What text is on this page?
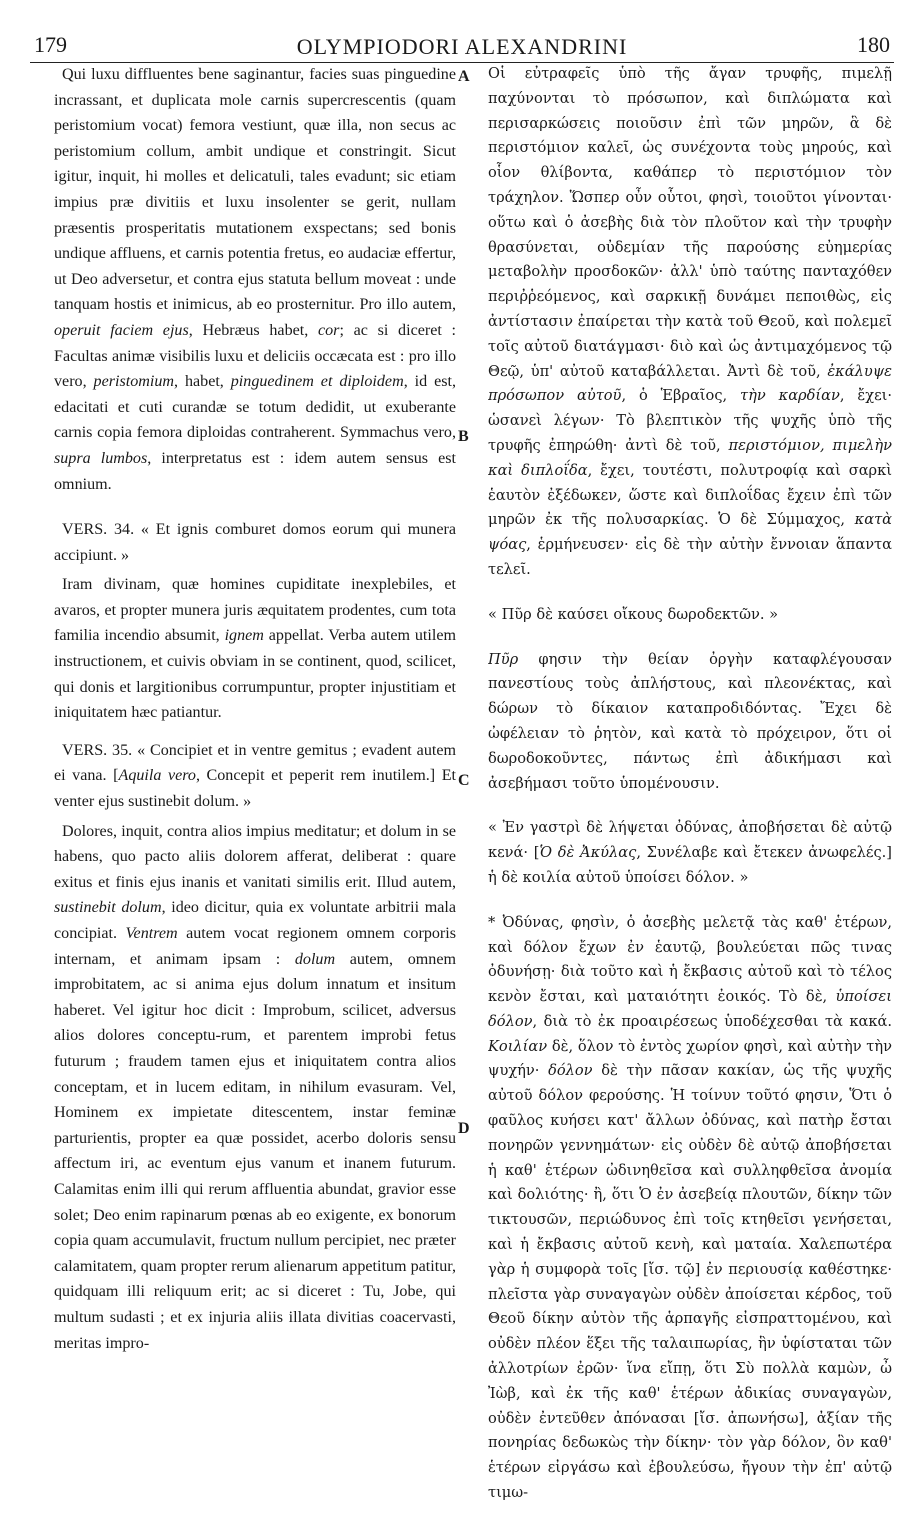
179	OLYMPIODORI ALEXANDRINI	180
A
B
C
D

Qui luxu diffluentes bene saginantur, facies suas pinguedine incrassant, et duplicata mole carnis supercrescentis (quam peristomium vocat) femora vestiunt, quæ illa, non secus ac peristomium collum, ambit undique et constringit. Sicut igitur, inquit, hi molles et delicatuli, tales evadunt; sic etiam impius præ divitiis et luxu insolenter se gerit, nullam præsentis prosperitatis mutationem exspectans; sed bonis undique affluens, et carnis potentia fretus, eo audaciæ effertur, ut Deo adversetur, et contra ejus statuta bellum moveat : unde tanquam hostis et inimicus, ab eo prosternitur. Pro illo autem, operuit faciem ejus, Hebræus habet, cor; ac si diceret : Facultas animæ visibilis luxu et deliciis occæcata est : pro illo vero, peristomium, habet, pinguedinem et diploidem, id est, edacitati et cuti curandæ se totum dedidit, ut exuberante carnis copia femora diploidas contraherent. Symmachus vero, supra lumbos, interpretatus est : idem autem sensus est omnium.

VERS. 34. « Et ignis comburet domos eorum qui munera accipiunt. »

Iram divinam, quæ homines cupiditate inexplebiles, et avaros, et propter munera juris æquitatem prodentes, cum tota familia incendio absumit, ignem appellat. Verba autem utilem instructionem, et cuivis obviam in se continent, quod, scilicet, qui donis et largitionibus corrumpuntur, propter injustitiam et iniquitatem hæc patiantur.

VERS. 35. « Concipiet et in ventre gemitus ; evadent autem ei vana. [Aquila vero, Concepit et peperit rem inutilem.] Et venter ejus sustinebit dolum. »

Dolores, inquit, contra alios impius meditatur; et dolum in se habens, quo pacto aliis dolorem afferat, deliberat : quare exitus et finis ejus inanis et vanitati similis erit. Illud autem, sustinebit dolum, ideo dicitur, quia ex voluntate arbitrii mala concipiat. Ventrem autem vocat regionem omnem corporis internam, et animam ipsam : dolum autem, omnem improbitatem, ac si anima ejus dolum innatum et insitum haberet. Vel igitur hoc dicit : Improbum, scilicet, adversus alios dolores conceptu-rum, et parentem improbi fetus futurum ; fraudem tamen ejus et iniquitatem contra alios conceptam, et in lucem editam, in nihilum evasuram. Vel, Hominem ex impietate ditescentem, instar feminæ parturientis, propter ea quæ possidet, acerbo doloris sensu affectum iri, ac eventum ejus vanum et inanem futurum. Calamitas enim illi qui rerum affluentia abundat, gravior esse solet; Deo enim rapinarum pœnas ab eo exigente, ex bonorum copia quam accumulavit, fructum nullum percipiet, nec præter calamitatem, quam propter rerum alienarum appetitum patitur, quidquam illi reliquum erit; ac si diceret : Tu, Jobe, qui multum sudasti ; et ex injuria aliis illata divitias coacervasti, meritas impro-

Οἱ εὐτραφεῖς ὑπὸ τῆς ἄγαν τρυφῆς, πιμελῇ παχύνονται τὸ πρόσωπον, καὶ διπλώματα καὶ περισαρκώσεις ποιοῦσιν ἐπὶ τῶν μηρῶν, ἃ δὲ περιστόμιον καλεῖ, ὡς συνέχοντα τοὺς μηρούς, καὶ οἷον θλίβοντα, καθάπερ τὸ περιστόμιον τὸν τράχηλον. Ὥσπερ οὖν οὗτοι, φησὶ, τοιοῦτοι γίνονται· οὕτω καὶ ὁ ἀσεβὴς διὰ τὸν πλοῦτον καὶ τὴν τρυφὴν θρασύνεται, οὐδεμίαν τῆς παρούσης εὐημερίας μεταβολὴν προσδοκῶν· ἀλλ' ὑπὸ ταύτης πανταχόθεν περιῤῥεόμενος, καὶ σαρκικῇ δυνάμει πεποιθὼς, εἰς ἀντίστασιν ἐπαίρεται τὴν κατὰ τοῦ Θεοῦ, καὶ πολεμεῖ τοῖς αὐτοῦ διατάγμασι· διὸ καὶ ὡς ἀντιμαχόμενος τῷ Θεῷ, ὑπ' αὐτοῦ καταβάλλεται. Ἀντὶ δὲ τοῦ, ἐκάλυψε πρόσωπον αὐτοῦ, ὁ Ἑβραῖος, τὴν καρδίαν, ἔχει· ὡσανεὶ λέγων· Τὸ βλεπτικὸν τῆς ψυχῆς ὑπὸ τῆς τρυφῆς ἐπηρώθη· ἀντὶ δὲ τοῦ, περιστόμιον, πιμελὴν καὶ διπλοΐδα, ἔχει, τουτέστι, πολυτροφίᾳ καὶ σαρκὶ ἑαυτὸν ἐξέδωκεν, ὥστε καὶ διπλοΐδας ἔχειν ἐπὶ τῶν μηρῶν ἐκ τῆς πολυσαρκίας. Ὁ δὲ Σύμμαχος, κατὰ ψόας, ἑρμήνευσεν· εἰς δὲ τὴν αὐτὴν ἔννοιαν ἅπαντα τελεῖ.

« Πῦρ δὲ καύσει οἴκους δωροδεκτῶν. »

Πῦρ φησιν τὴν θείαν ὀργὴν καταφλέγουσαν πανεστίους τοὺς ἀπλήστους, καὶ πλεονέκτας, καὶ δώρων τὸ δίκαιον καταπροδιδόντας. Ἔχει δὲ ὠφέλειαν τὸ ῥητὸν, καὶ κατὰ τὸ πρόχειρον, ὅτι οἱ δωροδοκοῦντες, πάντως ἐπὶ ἀδικήμασι καὶ ἀσεβήμασι τοῦτο ὑπομένουσιν.

« Ἐν γαστρὶ δὲ λήψεται ὀδύνας, ἀποβήσεται δὲ αὐτῷ κενά· [Ὁ δὲ Ἀκύλας, Συνέλαβε καὶ ἔτεκεν ἀνωφελές.] ἡ δὲ κοιλία αὐτοῦ ὑποίσει δόλον. »

* Ὀδύνας, φησὶν, ὁ ἀσεβὴς μελετᾷ τὰς καθ' ἑτέρων, καὶ δόλον ἔχων ἐν ἑαυτῷ, βουλεύεται πῶς τινας ὀδυνήσῃ· διὰ τοῦτο καὶ ἡ ἔκβασις αὐτοῦ καὶ τὸ τέλος κενὸν ἔσται, καὶ ματαιότητι ἐοικός. Τὸ δὲ, ὑποίσει δόλον, διὰ τὸ ἐκ προαιρέσεως ὑποδέχεσθαι τὰ κακά. Κοιλίαν δὲ, ὅλον τὸ ἐντὸς χωρίον φησὶ, καὶ αὐτὴν τὴν ψυχήν· δόλον δὲ τὴν πᾶσαν κακίαν, ὡς τῆς ψυχῆς αὐτοῦ δόλον φερούσης. Ἡ τοίνυν τοῦτό φησιν, Ὅτι ὁ φαῦλος κυήσει κατ' ἄλλων ὀδύνας, καὶ πατὴρ ἔσται πονηρῶν γεννημάτων· εἰς οὐδὲν δὲ αὐτῷ ἀποβήσεται ἡ καθ' ἑτέρων ὠδινηθεῖσα καὶ συλληφθεῖσα ἀνομία καὶ δολιότης· ἢ, ὅτι Ὁ ἐν ἀσεβείᾳ πλουτῶν, δίκην τῶν τικτουσῶν, περιώδυνος ἐπὶ τοῖς κτηθεῖσι γενήσεται, καὶ ἡ ἔκβασις αὐτοῦ κενὴ, καὶ ματαία. Χαλεπωτέρα γὰρ ἡ συμφορὰ τοῖς [ἴσ. τῷ] ἐν περιουσίᾳ καθέστηκε· πλεῖστα γὰρ συναγαγὼν οὐδὲν ἀποίσεται κέρδος, τοῦ Θεοῦ δίκην αὐτὸν τῆς ἁρπαγῆς εἰσπραττομένου, καὶ οὐδὲν πλέον ἕξει τῆς ταλαιπωρίας, ἣν ὑφίσταται τῶν ἀλλοτρίων ἐρῶν· ἵνα εἴπῃ, ὅτι Σὺ πολλὰ καμὼν, ὦ Ἰὼβ, καὶ ἐκ τῆς καθ' ἑτέρων ἀδικίας συναγαγὼν, οὐδὲν ἐντεῦθεν ἀπόνασαι [ἴσ. ἀπωνήσω], ἀξίαν τῆς πονηρίας δεδωκὼς τὴν δίκην· τὸν γὰρ δόλον, ὃν καθ' ἑτέρων εἰργάσω καὶ ἐβουλεύσω, ἤγουν τὴν ἐπ' αὐτῷ τιμω-
